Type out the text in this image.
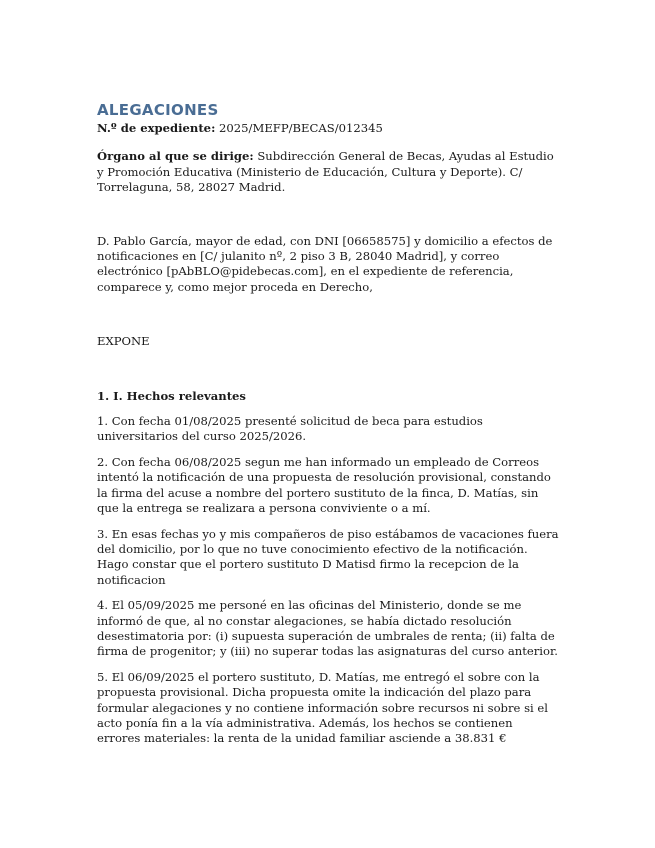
ALEGACIONES

N.º de expediente: 2025/MEFP/BECAS/012345

Órgano al que se dirige: Subdirección General de Becas, Ayudas al Estudio y Promoción Educativa (Ministerio de Educación, Cultura y Deporte). C/ Torrelaguna, 58, 28027 Madrid.

D. Pablo García, mayor de edad, con DNI [06658575] y domicilio a efectos de notificaciones en [C/ julanito nº, 2 piso 3 B, 28040 Madrid], y correo electrónico [pAbBLO@pidebecas.com], en el expediente de referencia, comparece y, como mejor proceda en Derecho,

EXPONE

1. I. Hechos relevantes

1. Con fecha 01/08/2025 presenté solicitud de beca para estudios universitarios del curso 2025/2026.

2. Con fecha 06/08/2025 segun me han informado un empleado de Correos intentó la notificación de una propuesta de resolución provisional, constando la firma del acuse a nombre del portero sustituto de la finca, D. Matías, sin que la entrega se realizara a persona conviviente o a mí.

3. En esas fechas yo y mis compañeros de piso estábamos de vacaciones fuera del domicilio, por lo que no tuve conocimiento efectivo de la notificación. Hago constar que el portero sustituto D Matisd firmo la recepcion de la notificacion

4. El 05/09/2025 me personé en las oficinas del Ministerio, donde se me informó de que, al no constar alegaciones, se había dictado resolución desestimatoria por: (i) supuesta superación de umbrales de renta; (ii) falta de firma de progenitor; y (iii) no superar todas las asignaturas del curso anterior.

5. El 06/09/2025 el portero sustituto, D. Matías, me entregó el sobre con la propuesta provisional. Dicha propuesta omite la indicación del plazo para formular alegaciones y no contiene información sobre recursos ni sobre si el acto ponía fin a la vía administrativa. Además, los hechos se contienen errores materiales: la renta de la unidad familiar asciende a 38.831 €
